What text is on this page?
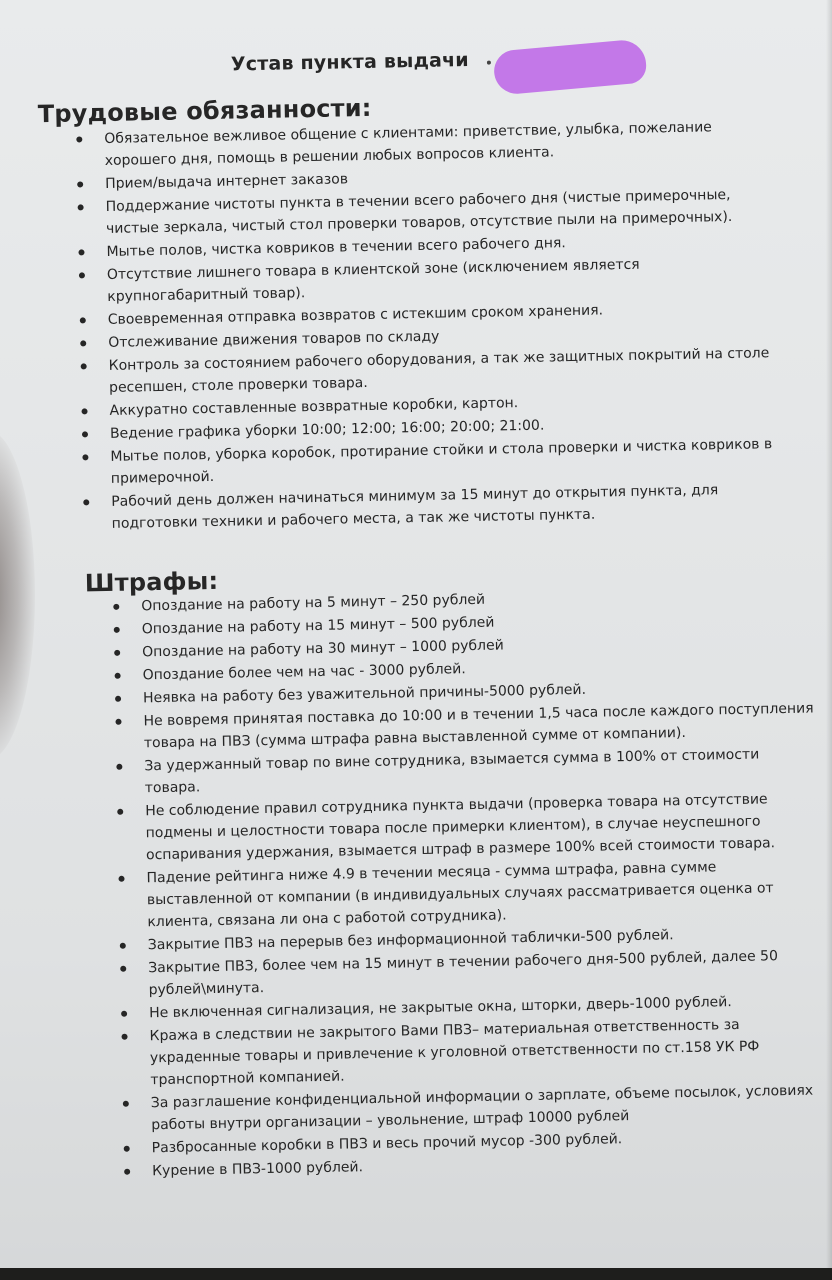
Устав пункта выдачи
Трудовые обязанности:
Обязательное вежливое общение с клиентами: приветствие, улыбка, пожелание хорошего дня, помощь в решении любых вопросов клиента.
Прием/выдача интернет заказов
Поддержание чистоты пункта в течении всего рабочего дня (чистые примерочные, чистые зеркала, чистый стол проверки товаров, отсутствие пыли на примерочных).
Мытье полов, чистка ковриков в течении всего рабочего дня.
Отсутствие лишнего товара в клиентской зоне (исключением является крупногабаритный товар).
Своевременная отправка возвратов с истекшим сроком хранения.
Отслеживание движения товаров по складу
Контроль за состоянием рабочего оборудования, а так же защитных покрытий на столе ресепшен, столе проверки товара.
Аккуратно составленные возвратные коробки, картон.
Ведение графика уборки 10:00; 12:00; 16:00; 20:00; 21:00.
Мытье полов, уборка коробок, протирание стойки и стола проверки и чистка ковриков в примерочной.
Рабочий день должен начинаться минимум за 15 минут до открытия пункта, для подготовки техники и рабочего места, а так же чистоты пункта.
Штрафы:
Опоздание на работу на 5 минут – 250 рублей
Опоздание на работу на 15 минут – 500 рублей
Опоздание на работу на 30 минут – 1000 рублей
Опоздание более чем на час - 3000 рублей.
Неявка на работу без уважительной причины-5000 рублей.
Не вовремя принятая поставка до 10:00 и в течении 1,5 часа после каждого поступления товара на ПВЗ (сумма штрафа равна выставленной сумме от компании).
За удержанный товар по вине сотрудника, взымается сумма в 100% от стоимости товара.
Не соблюдение правил сотрудника пункта выдачи (проверка товара на отсутствие подмены и целостности товара после примерки клиентом), в случае неуспешного оспаривания удержания, взымается штраф в размере 100% всей стоимости товара.
Падение рейтинга ниже 4.9 в течении месяца - сумма штрафа, равна сумме выставленной от компании (в индивидуальных случаях рассматривается оценка от клиента, связана ли она с работой сотрудника).
Закрытие ПВЗ на перерыв без информационной таблички-500 рублей.
Закрытие ПВЗ, более чем на 15 минут в течении рабочего дня-500 рублей, далее 50 рублей\минута.
Не включенная сигнализация, не закрытые окна, шторки, дверь-1000 рублей.
Кража в следствии не закрытого Вами ПВЗ– материальная ответственность за украденные товары и привлечение к уголовной ответственности по ст.158 УК РФ транспортной компанией.
За разглашение конфиденциальной информации о зарплате, объеме посылок, условиях работы внутри организации – увольнение, штраф 10000 рублей
Разбросанные коробки в ПВЗ и весь прочий мусор -300 рублей.
Курение в ПВЗ-1000 рублей.
